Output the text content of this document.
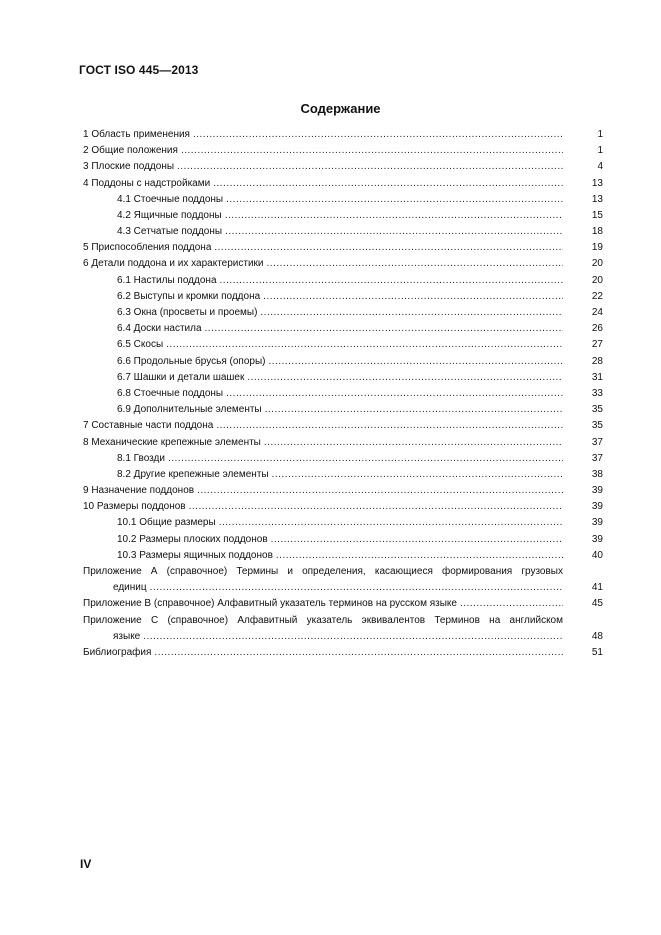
ГОСТ ISO 445—2013
Содержание
1 Область применения .....	1
2 Общие положения .....	1
3 Плоские поддоны .....	4
4 Поддоны с надстройками .....	13
4.1 Стоечные поддоны .....	13
4.2 Ящичные поддоны .....	15
4.3 Сетчатые поддоны .....	18
5 Приспособления поддона .....	19
6 Детали поддона и их характеристики .....	20
6.1 Настилы поддона .....	20
6.2 Выступы и кромки поддона .....	22
6.3 Окна (просветы и проемы) .....	24
6.4 Доски настила .....	26
6.5 Скосы .....	27
6.6 Продольные брусья (опоры) .....	28
6.7 Шашки и детали шашек .....	31
6.8 Стоечные поддоны .....	33
6.9 Дополнительные элементы .....	35
7 Составные части поддона .....	35
8 Механические крепежные элементы .....	37
8.1 Гвозди .....	37
8.2 Другие крепежные элементы .....	38
9 Назначение поддонов .....	39
10 Размеры поддонов .....	39
10.1 Общие размеры .....	39
10.2 Размеры плоских поддонов .....	39
10.3 Размеры ящичных поддонов .....	40
Приложение А (справочное) Термины и определения, касающиеся формирования грузовых
единиц .....	41
Приложение В (справочное) Алфавитный указатель терминов на русском языке .....	45
Приложение С (справочное) Алфавитный указатель эквивалентов Терминов на английском
языке .....	48
Библиография .....	51
IV
